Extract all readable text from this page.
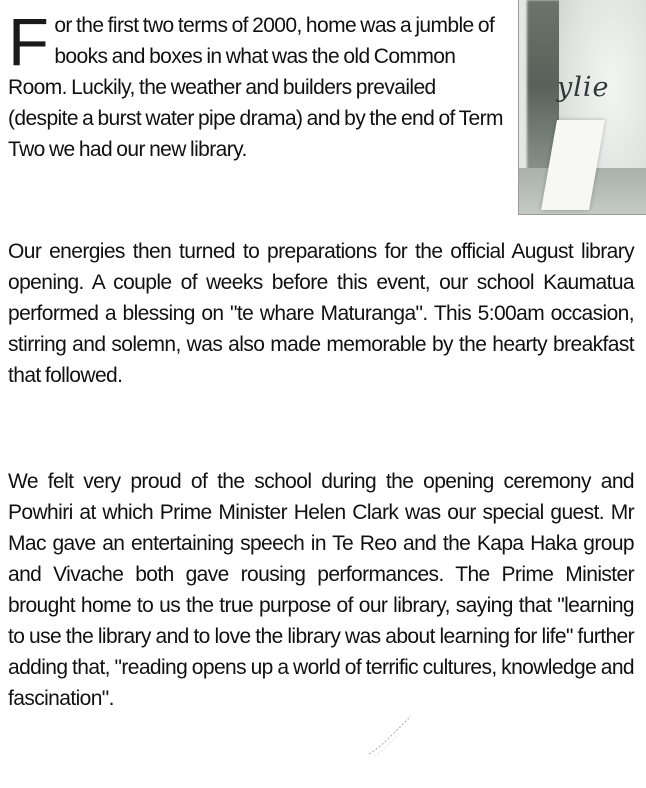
ylie

For the first two terms of 2000, home was a jumble of books and boxes in what was the old Common Room. Luckily, the weather and builders prevailed (despite a burst water pipe drama) and by the end of Term Two we had our new library.

Our energies then turned to preparations for the official August library opening. A couple of weeks before this event, our school Kaumatua performed a blessing on "te whare Maturanga". This 5:00am occasion, stirring and solemn, was also made memorable by the hearty breakfast that followed.

We felt very proud of the school during the opening ceremony and Powhiri at which Prime Minister Helen Clark was our special guest. Mr Mac gave an entertaining speech in Te Reo and the Kapa Haka group and Vivache both gave rousing performances. The Prime Minister brought home to us the true purpose of our library, saying that "learning to use the library and to love the library was about learning for life" further adding that, "reading opens up a world of terrific cultures, knowledge and fascination".
